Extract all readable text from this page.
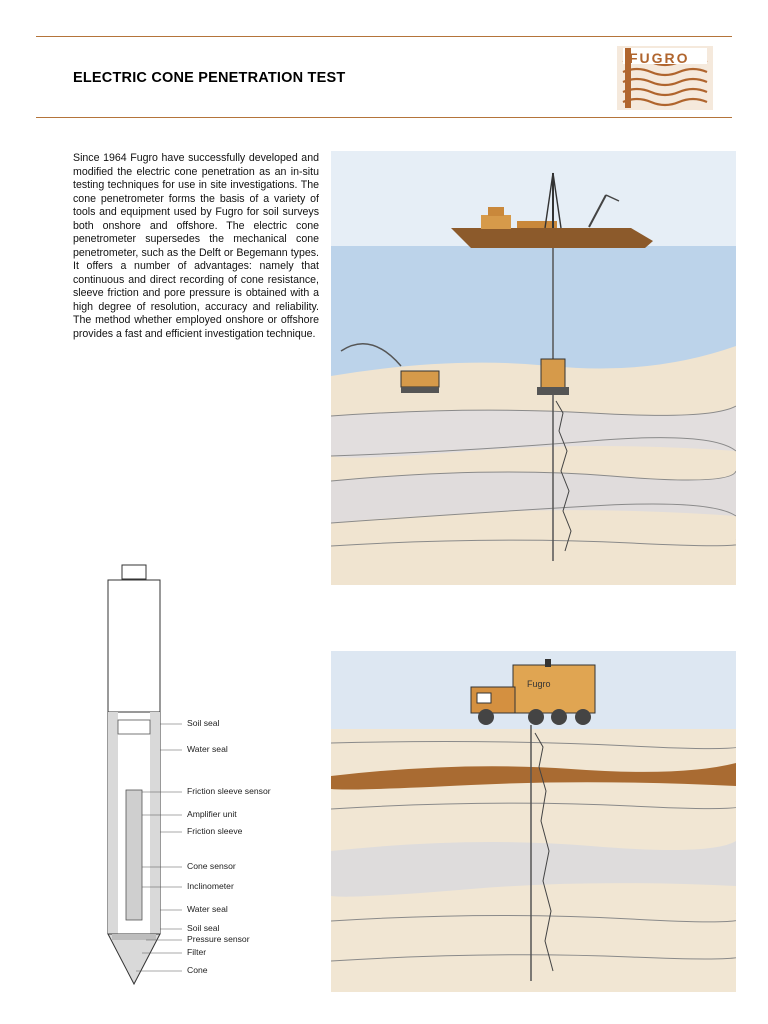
ELECTRIC CONE PENETRATION TEST
FUGRO

Since 1964 Fugro have successfully developed and modified the electric cone penetration as an in-situ testing techniques for use in site investigations. The cone penetrometer forms the basis of a variety of tools and equipment used by Fugro for soil surveys both onshore and offshore. The electric cone penetrometer supersedes the mechanical cone penetrometer, such as the Delft or Begemann types. It offers a number of advantages: namely that continuous and direct recording of cone resistance, sleeve friction and pore pressure is obtained with a high degree of resolution, accuracy and reliability. The method whether employed onshore or offshore provides a fast and efficient investigation technique.

Fugro
Soil seal
Water seal
Friction sleeve sensor
Amplifier unit
Friction sleeve
Cone sensor
Inclinometer
Water seal
Soil seal
Pressure sensor
Filter
Cone
